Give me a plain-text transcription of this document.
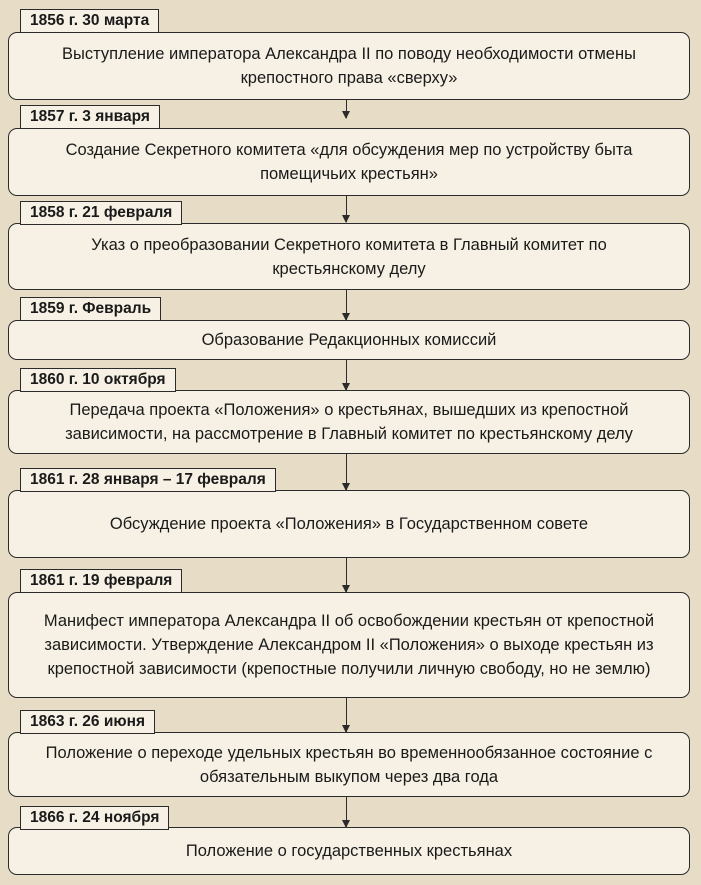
Выступление императора Александра II по поводу необходимости отмены крепостного права «сверху»
1856 г. 30 марта
Создание Секретного комитета «для обсуждения мер по устройству быта помещичьих крестьян»
1857 г. 3 января
Указ о преобразовании Секретного комитета в Главный комитет по крестьянскому делу
1858 г. 21 февраля
Образование Редакционных комиссий
1859 г. Февраль
Передача проекта «Положения» о крестьянах, вышедших из крепостной зависимости, на рассмотрение в Главный комитет по крестьянскому делу
1860 г. 10 октября
Обсуждение проекта «Положения» в Государственном совете
1861 г. 28 января – 17 февраля
Манифест императора Александра II об освобождении крестьян от крепостной зависимости. Утверждение Александром II «Положения» о выходе крестьян из крепостной зависимости (крепостные получили личную свободу, но не землю)
1861 г. 19 февраля
Положение о переходе удельных крестьян во временнообязанное состояние с обязательным выкупом через два года
1863 г. 26 июня
Положение о государственных крестьянах
1866 г. 24 ноября
